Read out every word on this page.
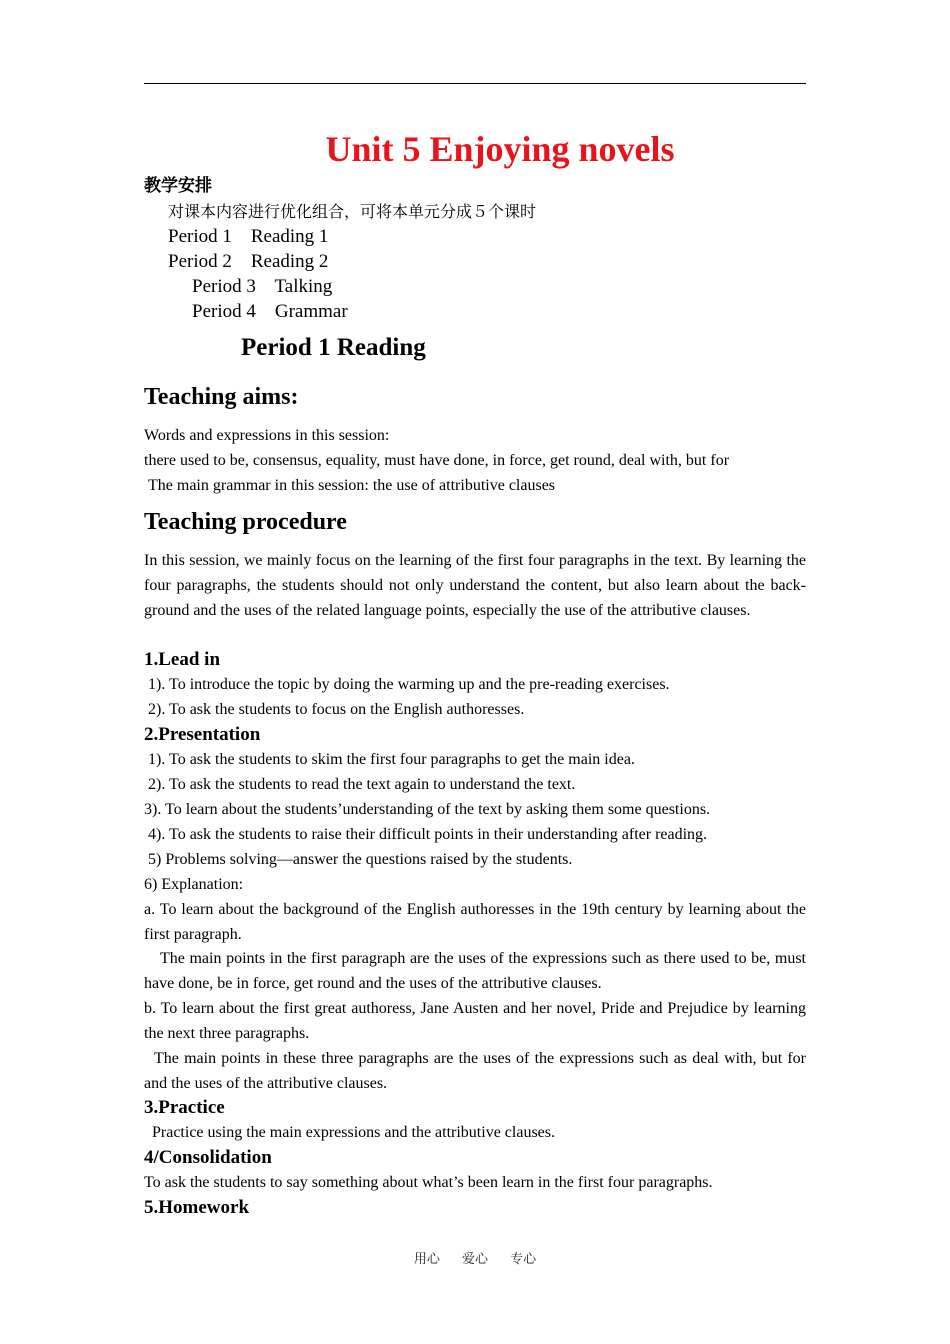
Unit 5 Enjoying novels
教学安排
对课本内容进行优化组合，可将本单元分成５个课时
Period 1    Reading 1
Period 2    Reading 2
Period 3    Talking
Period 4    Grammar
Period 1 Reading
Teaching aims:
Words and expressions in this session:
there used to be, consensus, equality, must have done, in force, get round, deal with, but for
The main grammar in this session: the use of attributive clauses
Teaching procedure
In this session, we mainly focus on the learning of the first four paragraphs in the text. By learning the four paragraphs, the students should not only understand the content, but also learn about the back-ground and the uses of the related language points, especially the use of the attributive clauses.
1.Lead in
1). To introduce the topic by doing the warming up and the pre-reading exercises.
2). To ask the students to focus on the English authoresses.
2.Presentation
1). To ask the students to skim the first four paragraphs to get the main idea.
2). To ask the students to read the text again to understand the text.
3). To learn about the students’understanding of the text by asking them some questions.
4). To ask the students to raise their difficult points in their understanding after reading.
5) Problems solving—answer the questions raised by the students.
6) Explanation:
a. To learn about the background of the English authoresses in the 19th century by learning about the first paragraph.
The main points in the first paragraph are the uses of the expressions such as there used to be, must have done, be in force, get round and the uses of the attributive clauses.
b. To learn about the first great authoress, Jane Austen and her novel, Pride and Prejudice by learning the next three paragraphs.
The main points in these three paragraphs are the uses of the expressions such as deal with, but for and the uses of the attributive clauses.
3.Practice
Practice using the main expressions and the attributive clauses.
4/Consolidation
To ask the students to say something about what’s been learn in the first four paragraphs.
5.Homework
用心 爱心 专心
